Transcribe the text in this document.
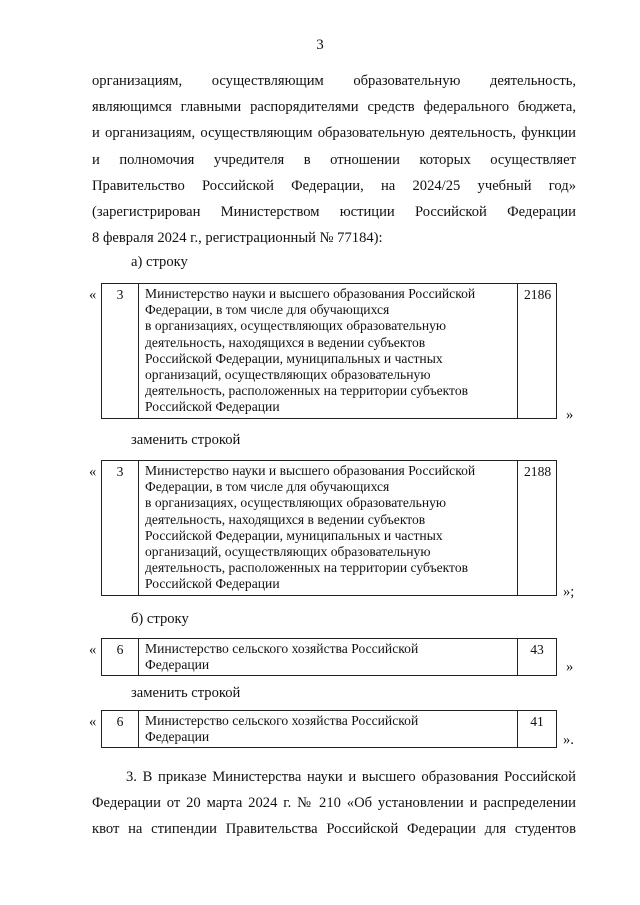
3
организациям, осуществляющим образовательную деятельность,
являющимся главными распорядителями средств федерального бюджета,
и организациям, осуществляющим образовательную деятельность, функции
и полномочия учредителя в отношении которых осуществляет
Правительство Российской Федерации, на 2024/25 учебный год»
(зарегистрирован Министерством юстиции Российской Федерации
8 февраля 2024 г., регистрационный № 77184):
а) строку
« 3	Министерство науки и высшего образования Российской
Федерации, в том числе для обучающихся
в организациях, осуществляющих образовательную
деятельность, находящихся в ведении субъектов
Российской Федерации, муниципальных и частных
организаций, осуществляющих образовательную
деятельность, расположенных на территории субъектов
Российской Федерации
	2186
»
заменить строкой
« 3	Министерство науки и высшего образования Российской
Федерации, в том числе для обучающихся
в организациях, осуществляющих образовательную
деятельность, находящихся в ведении субъектов
Российской Федерации, муниципальных и частных
организаций, осуществляющих образовательную
деятельность, расположенных на территории субъектов
Российской Федерации
	2188
»;
б) строку
« 6	Министерство сельского хозяйства Российской
Федерации
	43
»
заменить строкой
« 6	Министерство сельского хозяйства Российской
Федерации
	41
».
3. В приказе Министерства науки и высшего образования Российской
Федерации от 20 марта 2024 г. № 210 «Об установлении и распределении
квот на стипендии Правительства Российской Федерации для студентов
